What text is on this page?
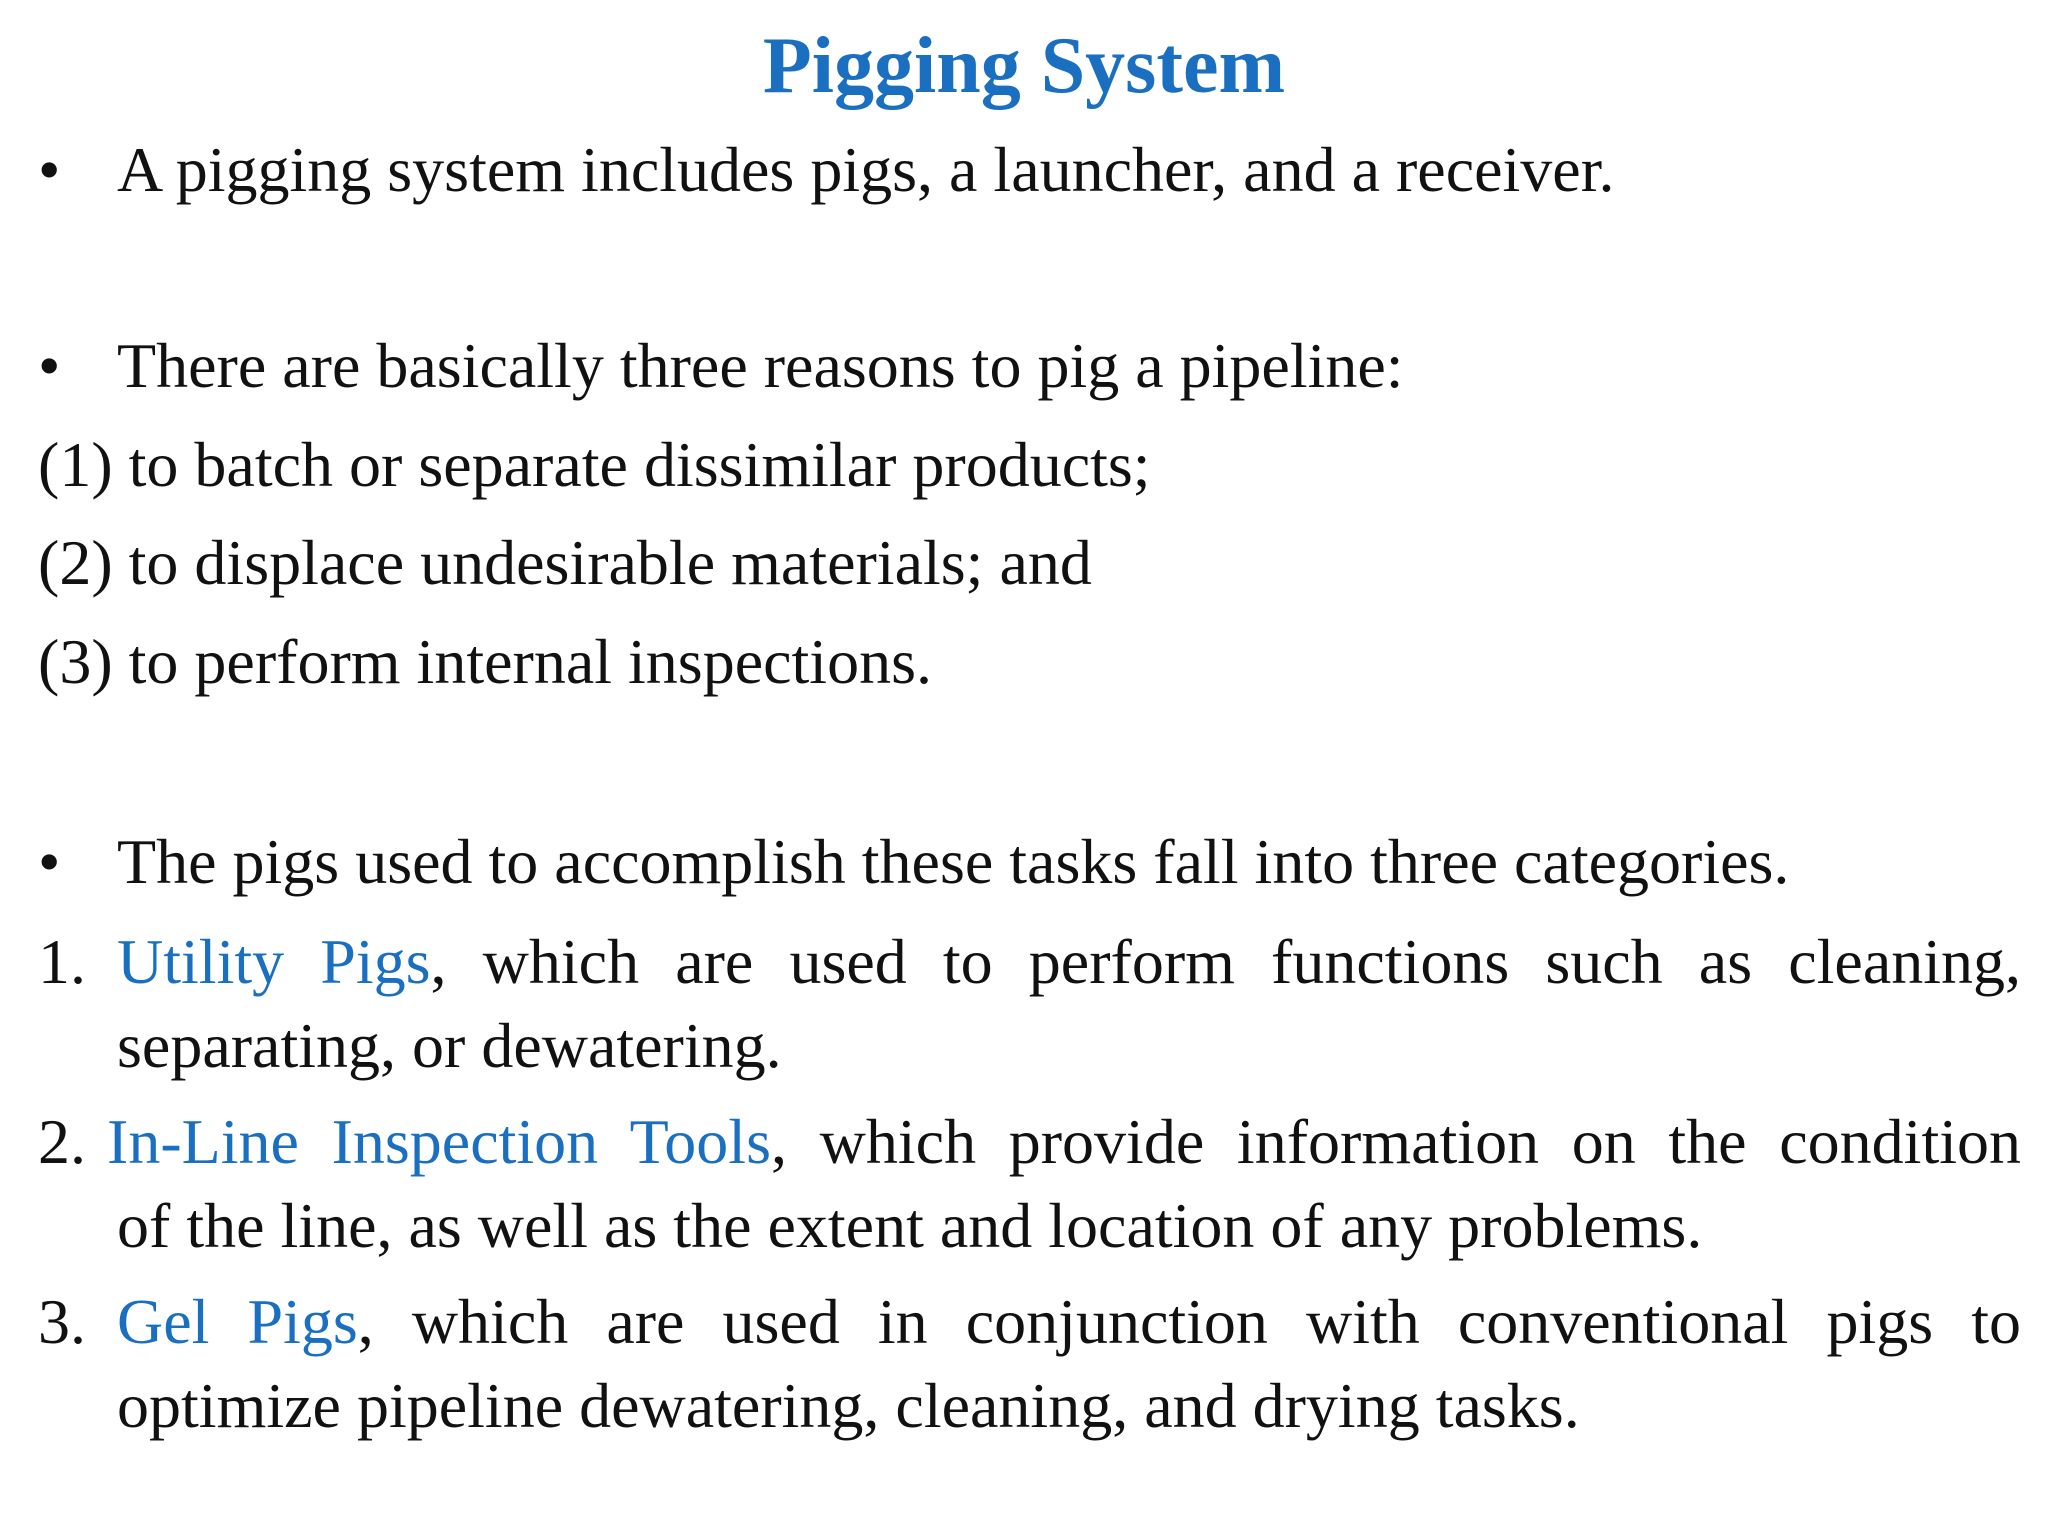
Pigging System
• A pigging system includes pigs, a launcher, and a receiver.
• There are basically three reasons to pig a pipeline:
(1) to batch or separate dissimilar products;
(2) to displace undesirable materials; and
(3) to perform internal inspections.
• The pigs used to accomplish these tasks fall into three categories.
1. Utility Pigs, which are used to perform functions such as cleaning,
separating, or dewatering.
2. In-Line Inspection Tools, which provide information on the condition
of the line, as well as the extent and location of any problems.
3. Gel Pigs, which are used in conjunction with conventional pigs to
optimize pipeline dewatering, cleaning, and drying tasks.
